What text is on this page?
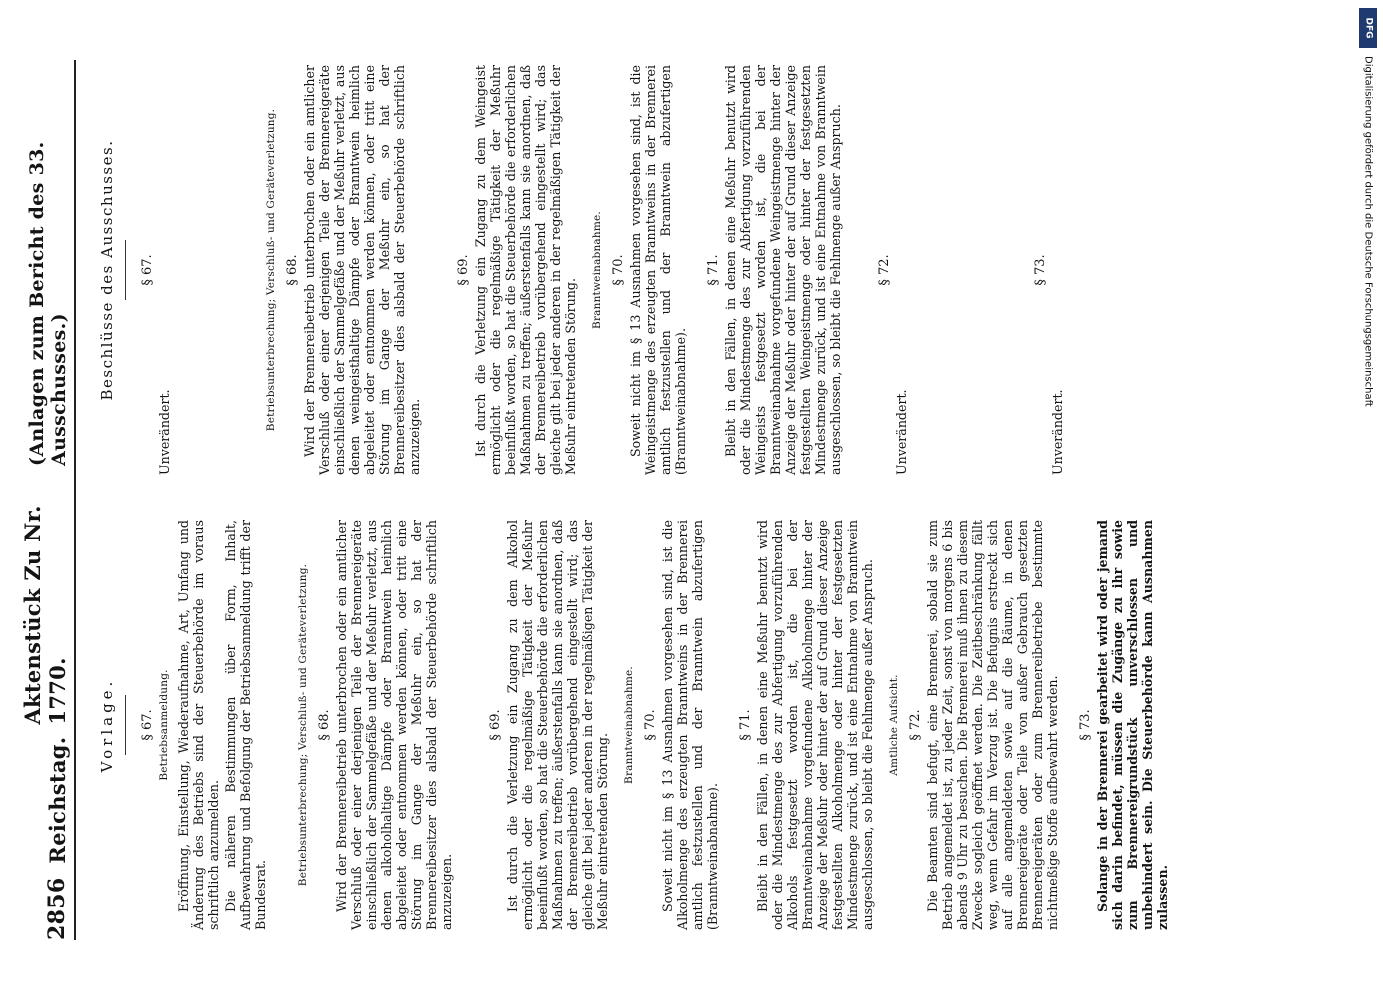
2856
Reichstag.
Aktenstück Zu Nr. 1770.
(Anlagen zum Bericht des 33. Ausschusses.)
Vorlage. § 67. Betriebsanmeldung. Eröffnung, Einstellung, Wiederaufnahme, Art, Umfang und Änderung des Betriebs sind der Steuerbehörde im voraus schriftlich anzumelden. Die näheren Bestimmungen über Form, Inhalt, Aufbewahrung und Befolgung der Betriebsanmeldung trifft der Bundesrat.

Betriebsunterbrechung; Verschluß- und Geräteverletzung. § 68. Wird der Brennereibetrieb unterbrochen oder ein amtlicher Verschluß oder einer derjenigen Teile der Brennereigeräte einschließlich der Sammelgefäße und der Meßuhr verletzt, aus denen alkoholhaltige Dämpfe oder Branntwein heimlich abgeleitet oder entnommen werden können, oder tritt eine Störung im Gange der Meßuhr ein, so hat der Brennereibesitzer dies alsbald der Steuerbehörde schriftlich anzuzeigen.

§ 69. Ist durch die Verletzung ein Zugang zu dem Alkohol ermöglicht oder die regelmäßige Tätigkeit der Meßuhr beeinflußt worden, so hat die Steuerbehörde die erforderlichen Maßnahmen zu treffen; äußerstenfalls kann sie anordnen, daß der Brennereibetrieb vorübergehend eingestellt wird; das gleiche gilt bei jeder anderen in der regelmäßigen Tätigkeit der Meßuhr eintretenden Störung.

Branntweinabnahme. § 70. Soweit nicht im § 13 Ausnahmen vorgesehen sind, ist die Alkoholmenge des erzeugten Branntweins in der Brennerei amtlich festzustellen und der Branntwein abzufertigen (Branntweinabnahme).

§ 71. Bleibt in den Fällen, in denen eine Meßuhr benutzt wird oder die Mindestmenge des zur Abfertigung vorzuführenden Alkohols festgesetzt worden ist, die bei der Branntweinabnahme vorgefundene Alkoholmenge hinter der Anzeige der Meßuhr oder hinter der auf Grund dieser Anzeige festgestellten Alkoholmenge oder hinter der festgesetzten Mindestmenge zurück, und ist eine Entnahme von Branntwein ausgeschlossen, so bleibt die Fehlmenge außer Anspruch. Amtliche Aufsicht. § 72. Die Beamten sind befugt, eine Brennerei, sobald sie zum Betrieb angemeldet ist, zu jeder Zeit, sonst von morgens 6 bis abends 9 Uhr zu besuchen. Die Brennerei muß ihnen zu diesem Zwecke sogleich geöffnet werden. Die Zeitbeschränkung fällt weg, wenn Gefahr im Verzug ist. Die Befugnis erstreckt sich auf alle angemeldeten sowie auf die Räume, in denen Brennereigeräte oder Teile von außer Gebrauch gesetzten Brennereigeräten oder zum Brennereibetriebe bestimmte nichtmeßige Stoffe aufbewahrt werden. § 73. Solange in der Brennerei gearbeitet wird oder jemand sich darin befindet, müssen die Zugänge zu ihr sowie zum Brennereigrundstück unverschlossen und unbehindert sein. Die Steuerbehörde kann Ausnahmen zulassen.

Beschlüsse des Ausschusses. § 67.

Unverändert.

Betriebsunterbrechung; Verschluß- und Geräteverletzung. § 68. Wird der Brennereibetrieb unterbrochen oder ein amtlicher Verschluß oder einer derjenigen Teile der Brennereigeräte einschließlich der Sammelgefäße und der Meßuhr verletzt, aus denen weingeisthaltige Dämpfe oder Branntwein heimlich abgeleitet oder entnommen werden können, oder tritt eine Störung im Gange der Meßuhr ein, so hat der Brennereibesitzer dies alsbald der Steuerbehörde schriftlich anzuzeigen.

§ 69. Ist durch die Verletzung ein Zugang zu dem Weingeist ermöglicht oder die regelmäßige Tätigkeit der Meßuhr beeinflußt worden, so hat die Steuerbehörde die erforderlichen Maßnahmen zu treffen; äußerstenfalls kann sie anordnen, daß der Brennereibetrieb vorübergehend eingestellt wird; das gleiche gilt bei jeder anderen in der regelmäßigen Tätigkeit der Meßuhr eintretenden Störung.

Branntweinabnahme. § 70. Soweit nicht im § 13 Ausnahmen vorgesehen sind, ist die Weingeistmenge des erzeugten Branntweins in der Brennerei amtlich festzustellen und der Branntwein abzufertigen (Branntweinabnahme).

§ 71. Bleibt in den Fällen, in denen eine Meßuhr benutzt wird oder die Mindestmenge des zur Abfertigung vorzuführenden Weingeists festgesetzt worden ist, die bei der Branntweinabnahme vorgefundene Weingeistmenge hinter der Anzeige der Meßuhr oder hinter der auf Grund dieser Anzeige festgestellten Weingeistmenge oder hinter der festgesetzten Mindestmenge zurück, und ist eine Entnahme von Branntwein ausgeschlossen, so bleibt die Fehlmenge außer Anspruch.	§ 72.

Unverändert.

§ 73.

Unverändert.

DFG
Digitalisierung gefördert durch die Deutsche Forschungsgemeinschaft
